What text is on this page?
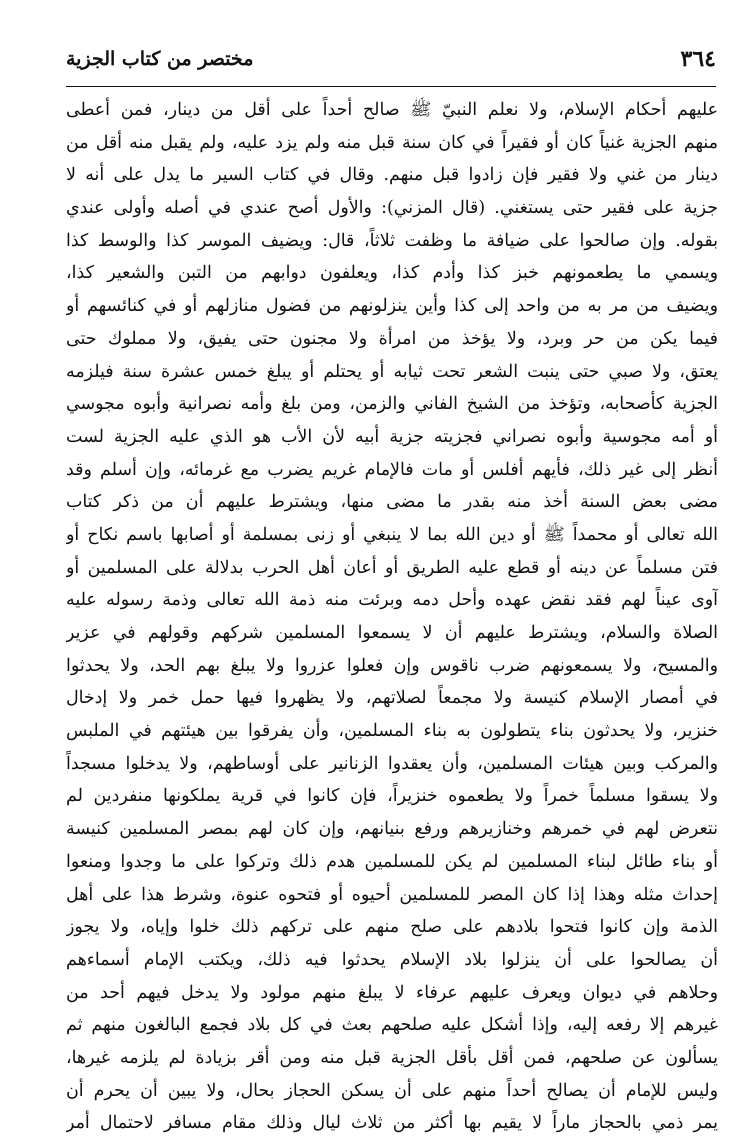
٣٦٤
مختصر من كتاب الجزية
عليهم أحكام الإسلام، ولا نعلم النبيّ ﷺ صالح أحداً على أقل من دينار، فمن أعطى
منهم الجزية غنياً كان أو فقيراً في كان سنة قبل منه ولم يزد عليه، ولم يقبل منه أقل من
دينار من غني ولا فقير فإن زادوا قبل منهم. وقال في كتاب السير ما يدل على أنه لا
جزية على فقير حتى يستغني. (قال المزني): والأول أصح عندي في أصله وأولى عندي
بقوله. وإن صالحوا على ضيافة ما وظفت ثلاثاً، قال: ويضيف الموسر كذا والوسط كذا
ويسمي ما يطعمونهم خبز كذا وأدم كذا، ويعلفون دوابهم من التبن والشعير كذا،
ويضيف من مر به من واحد إلى كذا وأين ينزلونهم من فضول منازلهم أو في كنائسهم أو
فيما يكن من حر وبرد، ولا يؤخذ من امرأة ولا مجنون حتى يفيق، ولا مملوك حتى
يعتق، ولا صبي حتى ينبت الشعر تحت ثيابه أو يحتلم أو يبلغ خمس عشرة سنة فيلزمه
الجزية كأصحابه، وتؤخذ من الشيخ الفاني والزمن، ومن بلغ وأمه نصرانية وأبوه مجوسي
أو أمه مجوسية وأبوه نصراني فجزيته جزية أبيه لأن الأب هو الذي عليه الجزية لست
أنظر إلى غير ذلك، فأيهم أفلس أو مات فالإمام غريم يضرب مع غرمائه، وإن أسلم وقد
مضى بعض السنة أخذ منه بقدر ما مضى منها، ويشترط عليهم أن من ذكر كتاب
الله تعالى أو محمداً ﷺ أو دين الله بما لا ينبغي أو زنى بمسلمة أو أصابها باسم نكاح أو
فتن مسلماً عن دينه أو قطع عليه الطريق أو أعان أهل الحرب بدلالة على المسلمين أو
آوى عيناً لهم فقد نقض عهده وأحل دمه وبرئت منه ذمة الله تعالى وذمة رسوله عليه
الصلاة والسلام، ويشترط عليهم أن لا يسمعوا المسلمين شركهم وقولهم في عزير
والمسيح، ولا يسمعونهم ضرب ناقوس وإن فعلوا عزروا ولا يبلغ بهم الحد، ولا يحدثوا
في أمصار الإسلام كنيسة ولا مجمعاً لصلاتهم، ولا يظهروا فيها حمل خمر ولا إدخال
خنزير، ولا يحدثون بناء يتطولون به بناء المسلمين، وأن يفرقوا بين هيئتهم في الملبس
والمركب وبين هيئات المسلمين، وأن يعقدوا الزنانير على أوساطهم، ولا يدخلوا مسجداً
ولا يسقوا مسلماً خمراً ولا يطعموه خنزيراً، فإن كانوا في قرية يملكونها منفردين لم
نتعرض لهم في خمرهم وخنازيرهم ورفع بنيانهم، وإن كان لهم بمصر المسلمين كنيسة
أو بناء طائل لبناء المسلمين لم يكن للمسلمين هدم ذلك وتركوا على ما وجدوا ومنعوا
إحداث مثله وهذا إذا كان المصر للمسلمين أحيوه أو فتحوه عنوة، وشرط هذا على أهل
الذمة وإن كانوا فتحوا بلادهم على صلح منهم على تركهم ذلك خلوا وإياه، ولا يجوز
أن يصالحوا على أن ينزلوا بلاد الإسلام يحدثوا فيه ذلك، ويكتب الإمام أسماءهم
وحلاهم في ديوان ويعرف عليهم عرفاء لا يبلغ منهم مولود ولا يدخل فيهم أحد من
غيرهم إلا رفعه إليه، وإذا أشكل عليه صلحهم بعث في كل بلاد فجمع البالغون منهم ثم
يسألون عن صلحهم، فمن أقل بأقل الجزية قبل منه ومن أقر بزيادة لم يلزمه غيرها،
وليس للإمام أن يصالح أحداً منهم على أن يسكن الحجاز بحال، ولا يبين أن يحرم أن
يمر ذمي بالحجاز ماراً لا يقيم بها أكثر من ثلاث ليال وذلك مقام مسافر لاحتمال أمر
